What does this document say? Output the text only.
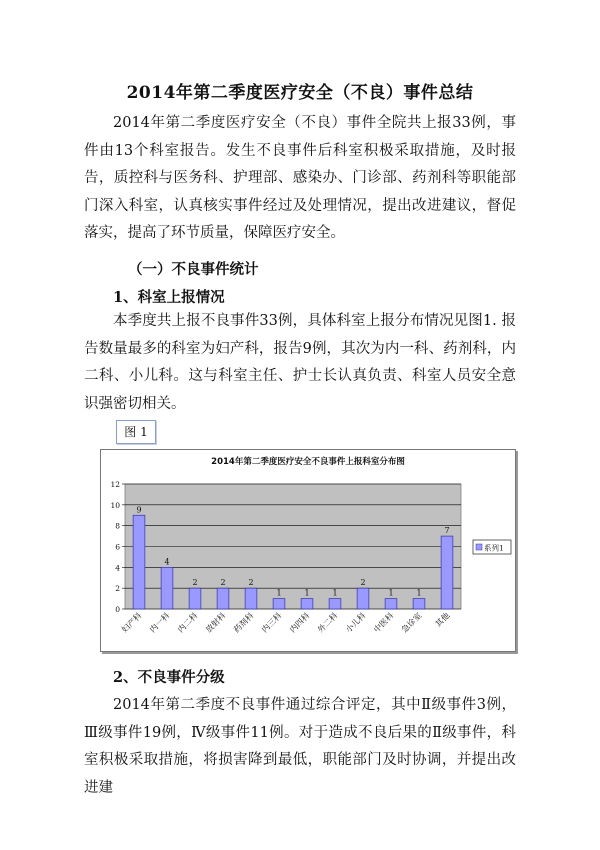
2014年第二季度医疗安全（不良）事件总结

2014年第二季度医疗安全（不良）事件全院共上报33例，事件由13个科室报告。发生不良事件后科室积极采取措施，及时报告，质控科与医务科、护理部、感染办、门诊部、药剂科等职能部门深入科室，认真核实事件经过及处理情况，提出改进建议，督促落实，提高了环节质量，保障医疗安全。

（一）不良事件统计
1、科室上报情况

本季度共上报不良事件33例，具体科室上报分布情况见图1. 报告数量最多的科室为妇产科，报告9例，其次为内一科、药剂科，内二科、小儿科。这与科室主任、护士长认真负责、科室人员安全意识强密切相关。

图 1
2014年第二季度医疗安全不良事件上报科室分布图
0
2
4
6
8
10
12
9
妇产科
4
内一科
2
内二科
2
放射科
2
药剂科
1
内三科
1
内四科
1
外二科
2
小儿科
1
中医科
1
急诊室
7
其他
系列1
2、不良事件分级

2014年第二季度不良事件通过综合评定，其中Ⅱ级事件3例，Ⅲ级事件19例，Ⅳ级事件11例。对于造成不良后果的Ⅱ级事件，科室积极采取措施，将损害降到最低，职能部门及时协调，并提出改进建
